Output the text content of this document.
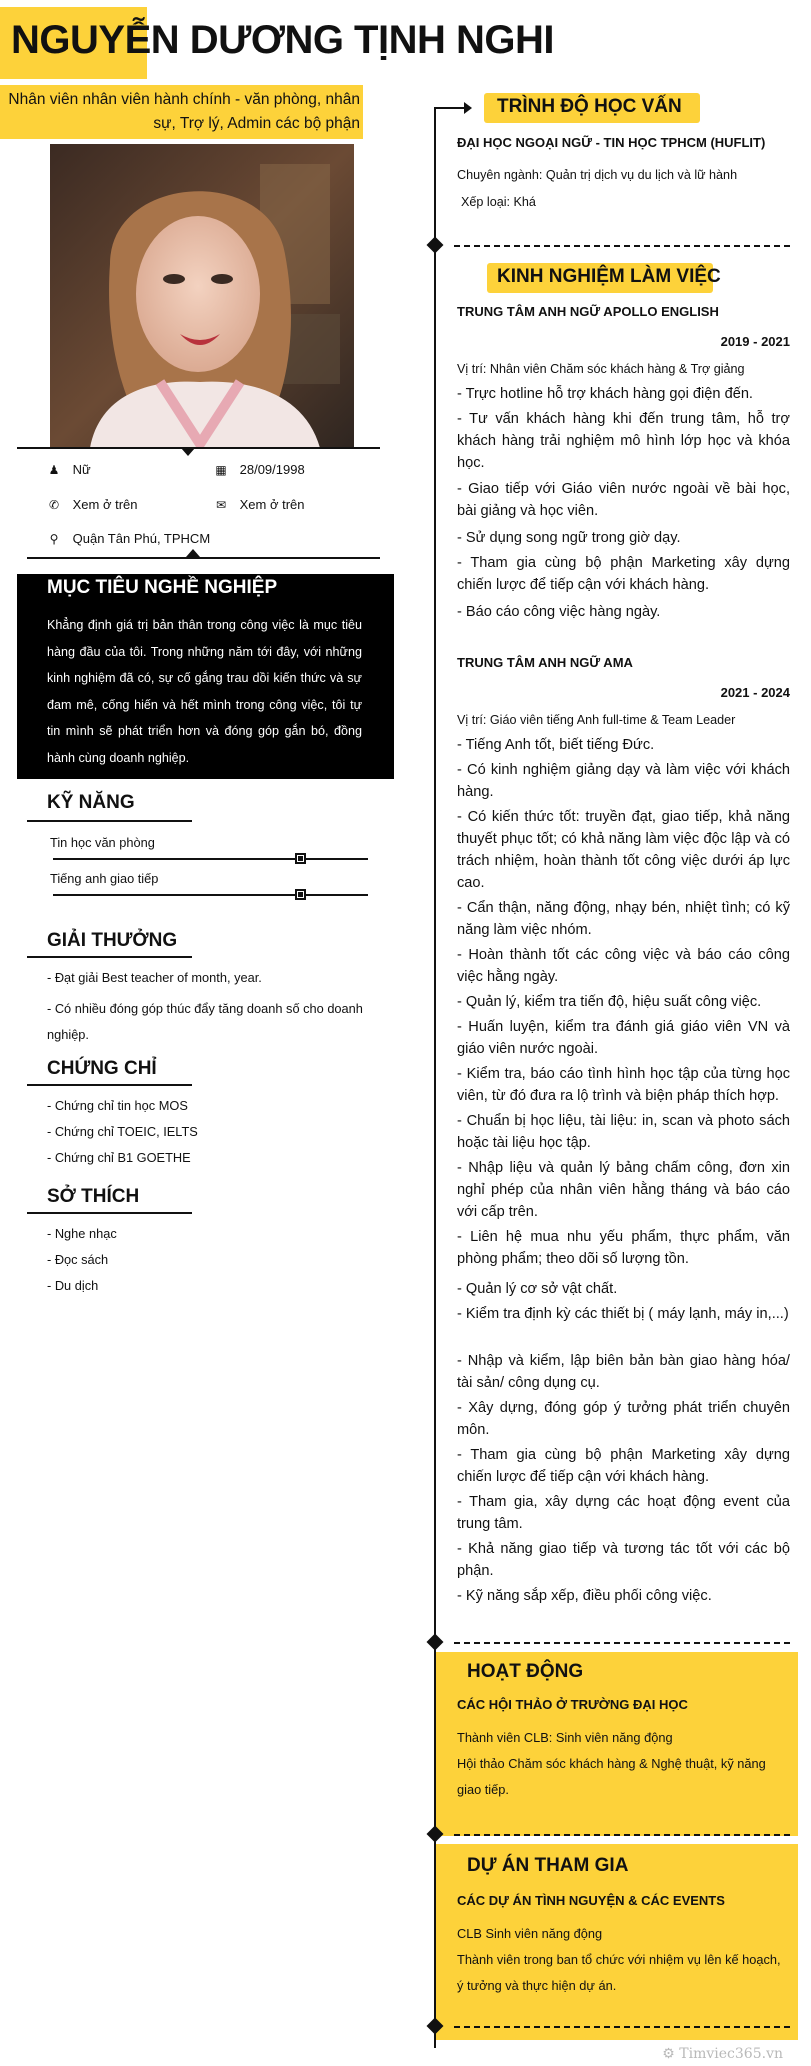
NGUYỄN DƯƠNG TỊNH NGHI
Nhân viên nhân viên hành chính - văn phòng, nhân sự, Trợ lý, Admin các bộ phận
♟ Nữ	▦ 28/09/1998
✆ Xem ở trên	✉ Xem ở trên
⚲ Quận Tân Phú, TPHCM
MỤC TIÊU NGHỀ NGHIỆP
Khẳng định giá trị bản thân trong công việc là mục tiêu hàng đầu của tôi. Trong những năm tới đây, với những kinh nghiệm đã có, sự cố gắng trau dồi kiến thức và sự đam mê, cống hiến và hết mình trong công việc, tôi tự tin mình sẽ phát triển hơn và đóng góp gắn bó, đồng hành cùng doanh nghiệp.
KỸ NĂNG
Tin học văn phòng
Tiếng anh giao tiếp
GIẢI THƯỞNG
- Đạt giải Best teacher of month, year.
- Có nhiều đóng góp thúc đẩy tăng doanh số cho doanh nghiệp.
CHỨNG CHỈ
- Chứng chỉ tin học MOS
- Chứng chỉ TOEIC, IELTS
- Chứng chỉ B1 GOETHE
SỞ THÍCH
- Nghe nhạc
- Đọc sách
- Du dịch
TRÌNH ĐỘ HỌC VẤN
ĐẠI HỌC NGOẠI NGỮ - TIN HỌC TPHCM (HUFLIT)
Chuyên ngành: Quản trị dịch vụ du lịch và lữ hành
Xếp loại: Khá
KINH NGHIỆM LÀM VIỆC
TRUNG TÂM ANH NGỮ APOLLO ENGLISH
2019 - 2021
Vị trí: Nhân viên Chăm sóc khách hàng & Trợ giảng
- Trực hotline hỗ trợ khách hàng gọi điện đến.
- Tư vấn khách hàng khi đến trung tâm, hỗ trợ khách hàng trải nghiệm mô hình lớp học và khóa học.
- Giao tiếp với Giáo viên nước ngoài về bài học, bài giảng và học viên.
- Sử dụng song ngữ trong giờ dạy.
- Tham gia cùng bộ phận Marketing xây dựng chiến lược để tiếp cận với khách hàng.
- Báo cáo công việc hàng ngày.
TRUNG TÂM ANH NGỮ AMA
2021 - 2024
Vị trí: Giáo viên tiếng Anh full-time & Team Leader
- Tiếng Anh tốt, biết tiếng Đức.
- Có kinh nghiệm giảng dạy và làm việc với khách hàng.
- Có kiến thức tốt: truyền đạt, giao tiếp, khả năng thuyết phục tốt; có khả năng làm việc độc lập và có trách nhiệm, hoàn thành tốt công việc dưới áp lực cao.
- Cẩn thận, năng động, nhạy bén, nhiệt tình; có kỹ năng làm việc nhóm.
- Hoàn thành tốt các công việc và báo cáo công việc hằng ngày.
- Quản lý, kiểm tra tiến độ, hiệu suất công việc.
- Huấn luyện, kiểm tra đánh giá giáo viên VN và giáo viên nước ngoài.
- Kiểm tra, báo cáo tình hình học tập của từng học viên, từ đó đưa ra lộ trình và biện pháp thích hợp.
- Chuẩn bị học liệu, tài liệu: in, scan và photo sách hoặc tài liệu học tập.
- Nhập liệu và quản lý bảng chấm công, đơn xin nghỉ phép của nhân viên hằng tháng và báo cáo với cấp trên.
- Liên hệ mua nhu yếu phẩm, thực phẩm, văn phòng phẩm; theo dõi số lượng tồn.
- Quản lý cơ sở vật chất.
- Kiểm tra định kỳ các thiết bị ( máy lạnh, máy in,...)
- Nhập và kiểm, lập biên bản bàn giao hàng hóa/ tài sản/ công dụng cụ.
- Xây dựng, đóng góp ý tưởng phát triển chuyên môn.
- Tham gia cùng bộ phận Marketing xây dựng chiến lược để tiếp cận với khách hàng.
- Tham gia, xây dựng các hoạt động event của trung tâm.
- Khả năng giao tiếp và tương tác tốt với các bộ phận.
- Kỹ năng sắp xếp, điều phối công việc.
HOẠT ĐỘNG
CÁC HỘI THẢO Ở TRƯỜNG ĐẠI HỌC
Thành viên CLB: Sinh viên năng động
Hội thảo Chăm sóc khách hàng & Nghệ thuật, kỹ năng giao tiếp.
DỰ ÁN THAM GIA
CÁC DỰ ÁN TÌNH NGUYỆN & CÁC EVENTS
CLB Sinh viên năng động
Thành viên trong ban tổ chức với nhiệm vụ lên kế hoạch, ý tưởng và thực hiện dự án.
⚙ Timviec365.vn
